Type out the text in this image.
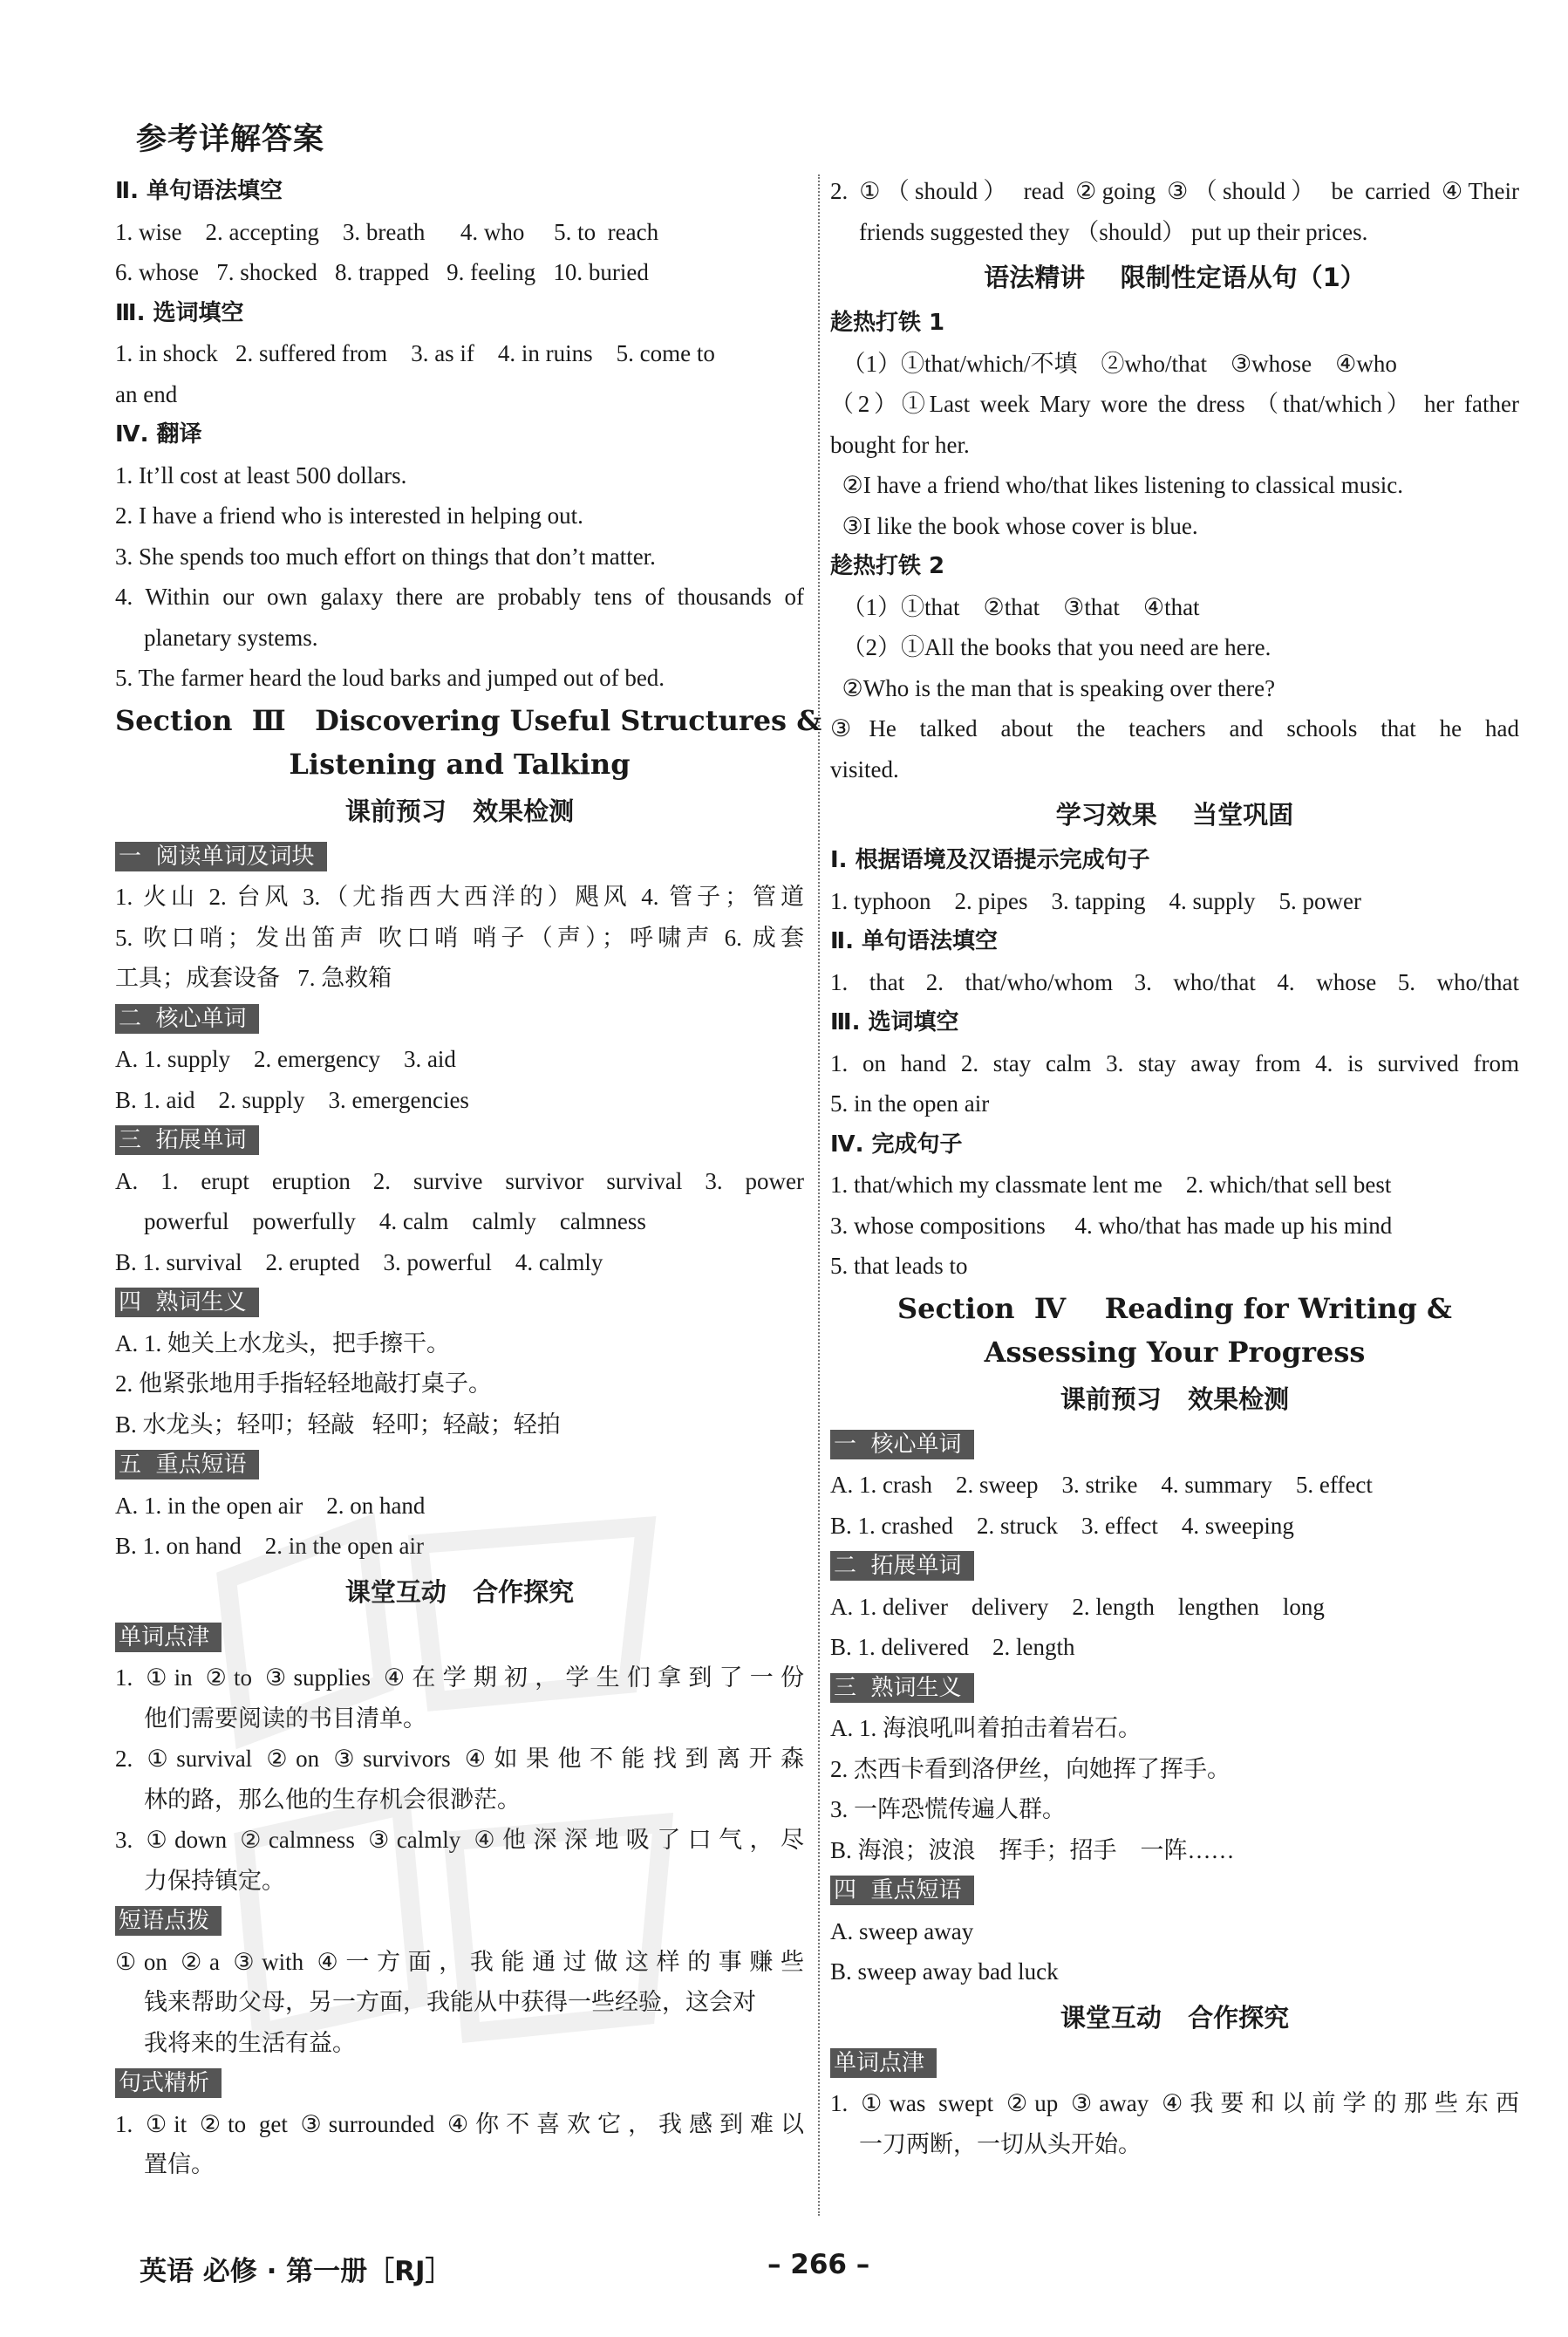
参考详解答案
Ⅱ. 单句语法填空
1. wise    2. accepting    3. breath      4. who     5. to  reach
6. whose   7. shocked   8. trapped   9. feeling   10. buried
Ⅲ. 选词填空
1. in shock   2. suffered from    3. as if    4. in ruins    5. come to
an end
Ⅳ. 翻译
1. It’ll cost at least 500 dollars.
2. I have a friend who is interested in helping out.
3. She spends too much effort on things that don’t matter.
4. Within our own galaxy there are probably tens of thousands of
planetary systems.
5. The farmer heard the loud barks and jumped out of bed.
Section  Ⅲ   Discovering Useful Structures &
Listening and Talking
课前预习   效果检测
一  阅读单词及词块
1. 火山 2. 台风 3.（尤指西大西洋的）飓风 4. 管子；管道
5. 吹口哨；发出笛声 吹口哨 哨子（声）；呼啸声 6. 成套
工具；成套设备   7. 急救箱
二  核心单词
A. 1. supply    2. emergency    3. aid
B. 1. aid    2. supply    3. emergencies
三  拓展单词
A. 1. erupt eruption 2. survive survivor survival 3. power
powerful    powerfully    4. calm    calmly    calmness
B. 1. survival    2. erupted    3. powerful    4. calmly
四  熟词生义
A. 1. 她关上水龙头，把手擦干。
2. 他紧张地用手指轻轻地敲打桌子。
B. 水龙头；轻叩；轻敲   轻叩；轻敲；轻拍
五  重点短语
A. 1. in the open air    2. on hand
B. 1. on hand    2. in the open air
课堂互动   合作探究
单词点津
1. ①in ②to ③supplies ④在学期初，学生们拿到了一份
他们需要阅读的书目清单。
2. ①survival ②on ③survivors ④如果他不能找到离开森
林的路，那么他的生存机会很渺茫。
3. ①down ②calmness ③calmly ④他深深地吸了口气，尽
力保持镇定。
短语点拨
①on ②a ③with ④一方面，我能通过做这样的事赚些
钱来帮助父母，另一方面，我能从中获得一些经验，这会对
我将来的生活有益。
句式精析
1. ①it ②to get ③surrounded ④你不喜欢它，我感到难以
置信。
2. ①（should） read ②going ③（should） be carried ④Their
friends suggested they （should） put up their prices.
语法精讲    限制性定语从句（1）
趁热打铁 1
（1）①that/which/不填    ②who/that    ③whose    ④who
（2）①Last week Mary wore the dress （that/which） her father
bought for her.
②I have a friend who/that likes listening to classical music.
③I like the book whose cover is blue.
趁热打铁 2
（1）①that    ②that    ③that    ④that
（2）①All the books that you need are here.
②Who is the man that is speaking over there?
③He talked about the teachers and schools that he had
visited.
学习效果    当堂巩固
Ⅰ. 根据语境及汉语提示完成句子
1. typhoon    2. pipes    3. tapping    4. supply    5. power
Ⅱ. 单句语法填空
1. that 2. that/who/whom 3. who/that 4. whose 5. who/that
Ⅲ. 选词填空
1. on hand 2. stay calm 3. stay away from 4. is survived from
5. in the open air
Ⅳ. 完成句子
1. that/which my classmate lent me    2. which/that sell best
3. whose compositions     4. who/that has made up his mind
5. that leads to
Section  Ⅳ    Reading for Writing &
Assessing Your Progress
课前预习   效果检测
一  核心单词
A. 1. crash    2. sweep    3. strike    4. summary    5. effect
B. 1. crashed    2. struck    3. effect    4. sweeping
二  拓展单词
A. 1. deliver    delivery    2. length    lengthen    long
B. 1. delivered    2. length
三  熟词生义
A. 1. 海浪吼叫着拍击着岩石。
2. 杰西卡看到洛伊丝，向她挥了挥手。
3. 一阵恐慌传遍人群。
B. 海浪；波浪    挥手；招手    一阵……
四  重点短语
A. sweep away
B. sweep away bad luck
课堂互动   合作探究
单词点津
1. ①was swept ②up ③away ④我要和以前学的那些东西
一刀两断，一切从头开始。
英语 必修 · 第一册［RJ］	– 266 –
